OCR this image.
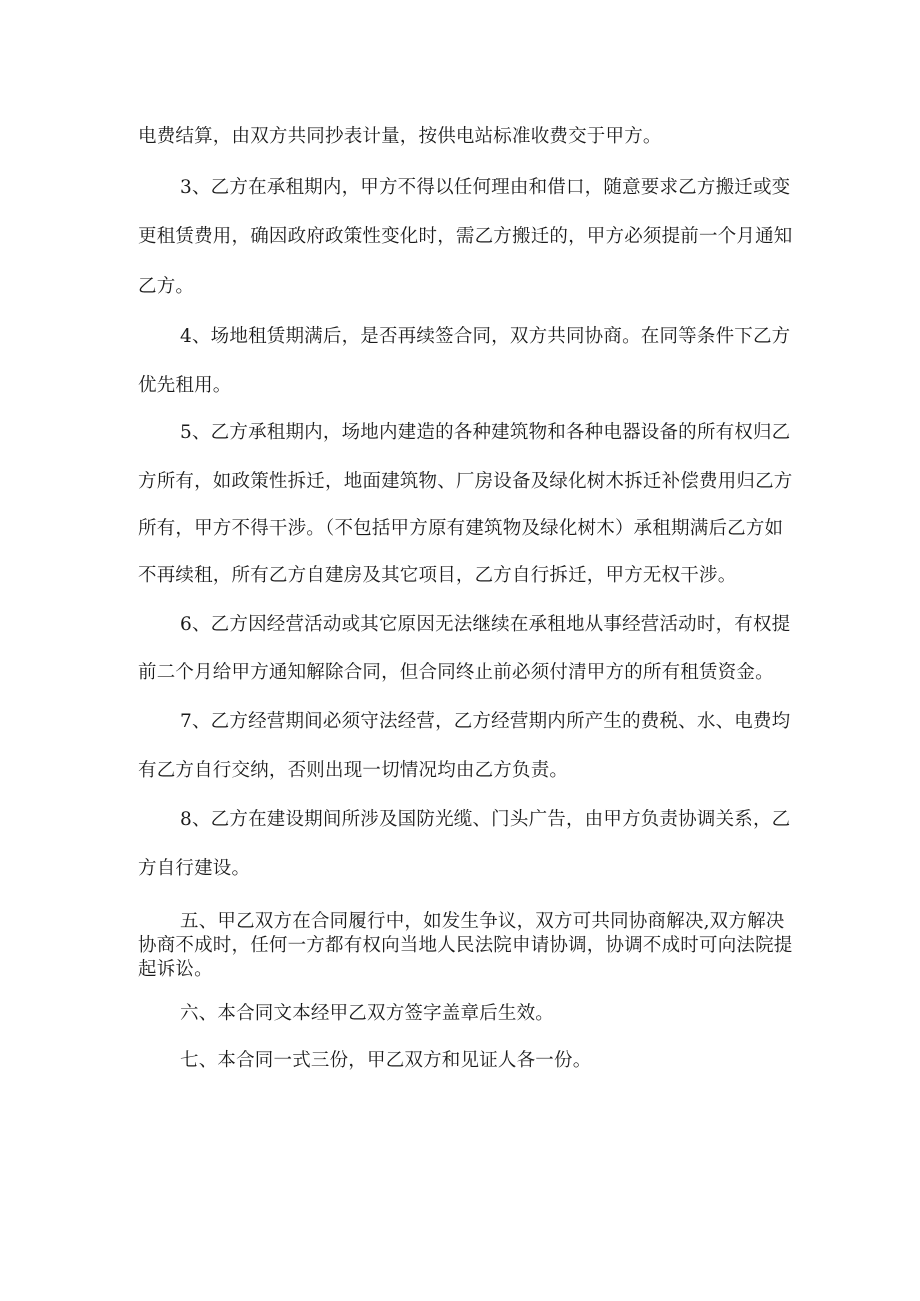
电费结算，由双方共同抄表计量，按供电站标准收费交于甲方。
3、乙方在承租期内，甲方不得以任何理由和借口，随意要求乙方搬迁或变
更租赁费用，确因政府政策性变化时，需乙方搬迁的，甲方必须提前一个月通知
乙方。
4、场地租赁期满后，是否再续签合同，双方共同协商。在同等条件下乙方
优先租用。
5、乙方承租期内，场地内建造的各种建筑物和各种电器设备的所有权归乙
方所有，如政策性拆迁，地面建筑物、厂房设备及绿化树木拆迁补偿费用归乙方
所有，甲方不得干涉。（不包括甲方原有建筑物及绿化树木）承租期满后乙方如
不再续租，所有乙方自建房及其它项目，乙方自行拆迁，甲方无权干涉。
6、乙方因经营活动或其它原因无法继续在承租地从事经营活动时，有权提
前二个月给甲方通知解除合同，但合同终止前必须付清甲方的所有租赁资金。
7、乙方经营期间必须守法经营，乙方经营期内所产生的费税、水、电费均
有乙方自行交纳，否则出现一切情况均由乙方负责。
8、乙方在建设期间所涉及国防光缆、门头广告，由甲方负责协调关系，乙
方自行建设。
五、甲乙双方在合同履行中，如发生争议，双方可共同协商解决,双方解决
协商不成时，任何一方都有权向当地人民法院申请协调，协调不成时可向法院提
起诉讼。
六、本合同文本经甲乙双方签字盖章后生效。
七、本合同一式三份，甲乙双方和见证人各一份。
